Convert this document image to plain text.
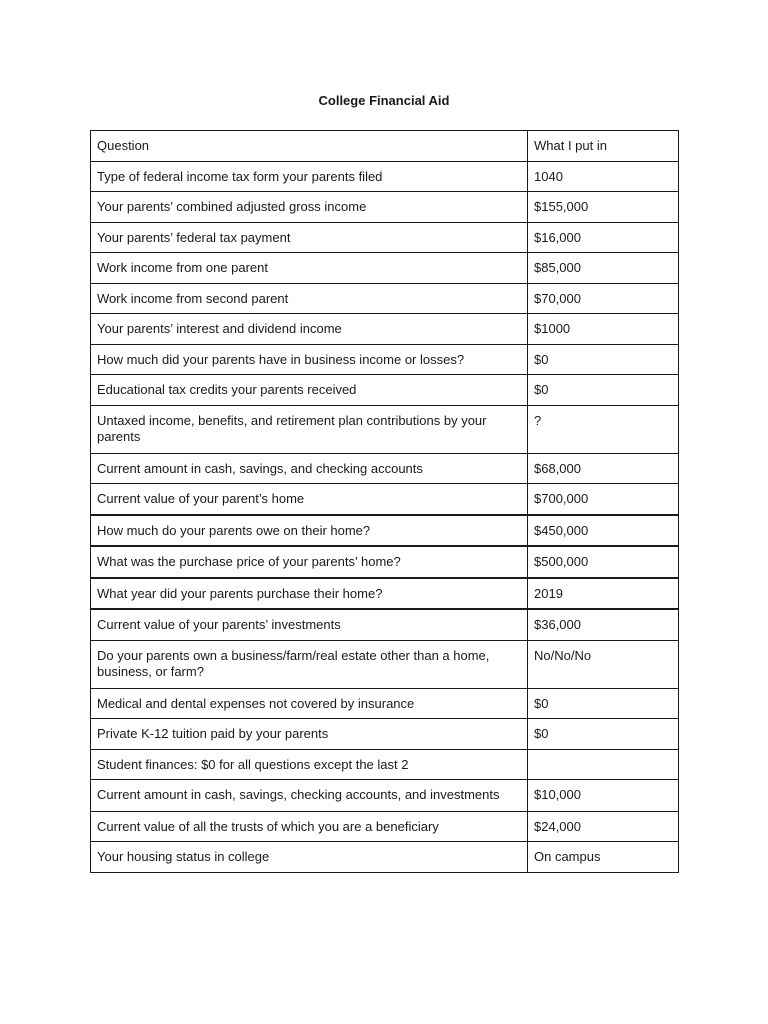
College Financial Aid
Question	What I put in
Type of federal income tax form your parents filed	1040
Your parents’ combined adjusted gross income	$155,000
Your parents’ federal tax payment	$16,000
Work income from one parent	$85,000
Work income from second parent	$70,000
Your parents’ interest and dividend income	$1000
How much did your parents have in business income or losses?	$0
Educational tax credits your parents received	$0
Untaxed income, benefits, and retirement plan contributions by your parents	?
Current amount in cash, savings, and checking accounts	$68,000
Current value of your parent’s home	$700,000
How much do your parents owe on their home?	$450,000
What was the purchase price of your parents’ home?	$500,000
What year did your parents purchase their home?	2019
Current value of your parents’ investments	$36,000
Do your parents own a business/farm/real estate other than a home, business, or farm?	No/No/No
Medical and dental expenses not covered by insurance	$0
Private K-12 tuition paid by your parents	$0
Student finances: $0 for all questions except the last 2	
Current amount in cash, savings, checking accounts, and investments	$10,000
Current value of all the trusts of which you are a beneficiary	$24,000
Your housing status in college	On campus
